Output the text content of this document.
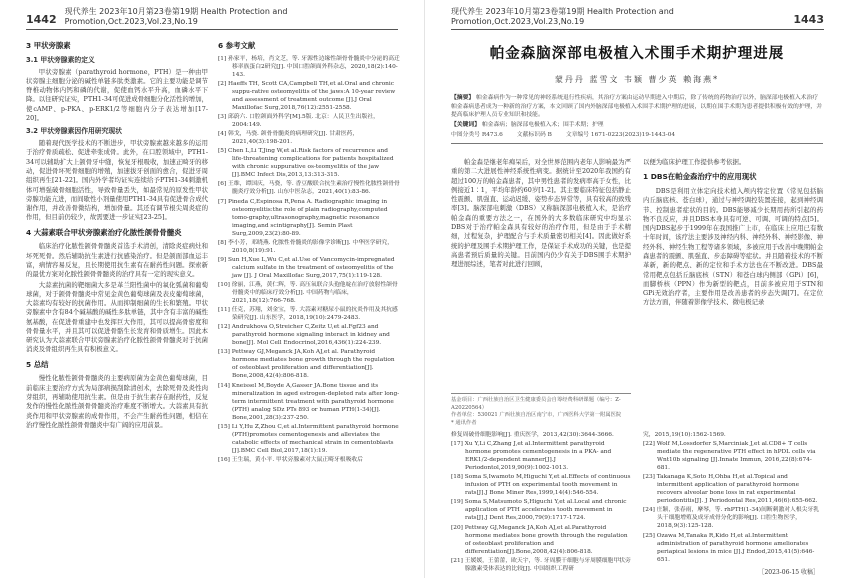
1442
现代养生 2023年10月第23卷第19期 Health Protection and Promotion,Oct.2023,Vol.23,No.19
3 甲状旁腺素
3.1 甲状旁腺素的定义

甲状旁腺素（parathyroid hormone，PTH）是一种由甲状旁腺主细胞分泌的碱性单链多肽类激素。它的主要功能是调节脊椎动物体内钙和磷的代谢，促使血钙水平升高，血磷水平下降。以往研究证实，PTH1-34可促进成骨细胞分化活性的增加，使cAMP、p-PKA、p-ERK1/2等细胞内分子表达增加[17-20]。

3.2 甲状旁腺素因作用研究现状

随着现代医学技术的不断进步，甲状旁腺素越来越多的运用于治疗骨质疏松、促进牵张成骨。此外，在口腔领域中，PTH1-34可以辅助扩大上颌骨牙中缝，恢复牙根吸收，加速正畸牙的移动，促进骨坏死骨细胞的增殖，加速拔牙创面的愈合，促进牙周组织再生[21-22]。国内外学者均证实连续给予PTH1-34刺激机体可增强破骨细胞活性，导致骨量丢失，如最常见的原发性甲状旁腺功能亢进，而间歇性小剂量使用PTH1-34具有促进骨合成代谢作用，并改善骨微结构，增加骨量。其还有调节根尖周炎症的作用，但目前仍较少，故需要进一步证实[23-25]。

4 大蒜素联合甲状旁腺素治疗化脓性颌骨骨髓炎

临床治疗化脓性颌骨骨髓炎首选手术清创，清除炎症病灶和坏死死骨。然后辅助抗生素进行抗感染治疗。但是颌面部血运丰富，病情容易反复，且长期使用抗生素有在耐药性问题。探索新的最优方案对化脓性颌骨骨髓炎的治疗具有一定的现实意义。

大蒜素抗菌的靶细菌大多是革兰阳性菌中的氧化弧菌和葡萄球菌，对于颌骨骨髓炎中常见金黄色葡萄球菌及表皮葡萄球菌，大蒜素均有较好的抗菌作用。从而抑制细菌的生长和繁殖。甲状旁腺素中含有84个碱基酸的碱性多肽单链，其中含有丰富的碱性氨基酸，在促进骨重建中也发挥巨大作用，其可以提高骨密度和骨骨量水平，并且其可以促进骨骼生长发育和骨质增生。因此本研究认为大蒜素联合甲状旁腺素治疗化脓性颌骨骨髓炎对于抗菌消炎及骨组织再生具有积极意义。

5 总结

慢性化脓性颌骨骨髓炎的主要病原菌为金黄色葡萄球菌，目前临床主要治疗方式为局部病损刮除清创术，去除死骨及炎性肉芽组织，再辅助使用抗生素。但是由于抗生素存在耐药性，反复发作的慢性化脓性颌骨骨髓炎治疗难度不断增大。大蒜素具有抗炎作用和甲状旁腺素的成骨作用，不会产生耐药性问题，相信在治疗慢性化脓性颌骨骨髓炎中有广阔的应用前景。

6 参考文献
[1] 孙家平，杨培，肖文芝，等. 牙源性边缘性颌骨骨髓炎中分泌的高迁移率族蛋白2研究[J]. 中国口腔颌面外科杂志，2020,18(2):140-143.
[2] Haeffs TH, Scott CA,Campbell TH,et al.Oral and chronic suppu-rative osteomyelitis of the jaws:A 10-year review and assessment of treatment outcome [J].J Oral Maxillofac Surg,2018,76(12):2551-2558.
[3] 邱蔚六. 口腔颌面外科学[M].5版. 北京：人民卫生出版社，2004:149.
[4] 韩戈，马骁. 颌骨骨髓炎的病理研究[J]. 甘肃医药，2021,40(3):198-201.
[5] Chen L,Li T,Jing W,et al.Risk factors of recurrence and life-threatening complications for patients hospitalized with chronic suppurative os-teomyelitis of the jaw [J].BMC Infect Dis,2013,13:313-315.
[6] 王维，谭国庆，马骁，等. 香豆酸联合抗生素治疗慢性化脓性颌骨骨髓炎疗效分析[J]. 山东中医杂志，2021,40(1):83-86.
[7] Pineda C,Espinosa R,Pena A. Radiographic imaging in osteomyelitis:the role of plain radiography,computed tomo-graphy,ultrasonography,magnetic resonance imaging,and scintigraphy[J]. Semin Plast Surg,2009,23(2):80-89.
[8] 李小芳，邓晓燕. 化脓性骨髓炎的影像学诊断[J]. 中华医学研究，2010,8(19):91.
[9] Sun H,Xue L,Wu C,et al.Use of Vancomycin-impregnated calcium sulfate in the treatment of osteomyelitis of the jaw [J]. J Oral Maxillofac Surg,2017,75(1):119-128.
[10] 徐丽，江燕，黄仁辉，等. 高压氧联合头孢他啶在治疗放射性颌骨骨髓炎中的临床疗效分析[J]. 中国药物与临床，2021,18(12):766-768.
[11] 任克，苏翔，刘金宝，等. 大蒜素对糖尿小鼠的抗炎作用及其抗感染研究[J]. 山东医学，2018,19(10):2479-2483.
[12] Andrukhova O,Streicher C,Zeitz U,et al.Fgf23 and parathyroid hormone signaling interact in kidney and bone[J]. Mol Cell Endocrinol,2016,436(1):224-239.
[13] Pettway GJ,Meganck JA,Koh AJ,et al. Parathyroid hormone mediates bone growth through the regulation of osteoblast proliferation and differentiation[J]. Bone,2008,42(4):806-818.
[14] Kneissel M,Boyde A,Gasser JA.Bone tissue and its mineralization in aged estrogen-depleted rats after long-term intermittent treatment with parathyroid hormone (PTH) analog SDz PTs 893 or human PTH(1-34)[J]. Bone,2001,28(3):237-250.
[15] Li Y,Hu Z,Zhou C,et al.Intermittent parathyroid hormone (PTH)promotes cementogenesis and alleviates the catabolic effects of mechanical strain in cementoblasts [J].BMC Cell Biol,2017,18(1):19.
[16] 王生瑞，黄小平. 甲状旁腺素对大鼠正畸牙根吸收后
现代养生 2023年10月第23卷第19期 Health Protection and Promotion,Oct.2023,Vol.23,No.19	1443
帕金森脑深部电极植入术围手术期护理进展
蒙丹丹 蓝雪文 韦颖 曹少英 赖海燕*
【摘要】 帕金森病作为一种常见的神经系统退行性疾病，其治疗方案由运动早期进入中期后，除了传统的药物治疗以外，脑深部电极植入术治疗帕金森病患者成为一种新的治疗方案，本文回顾了国内外脑深部电极植入术围手术期护理的进展，以期在围手术期为患者提供积极有效的护理，并提高临床护理人员专业知识和技能。
【关键词】 帕金森病；脑深部电极植入术；围手术期；护理
中图分类号 R473.6 文献标识码 B 文章编号 1671-0223(2023)19-1443-04

帕金森是继老年痴呆后，对全世界范围内老年人影响最为严重的第二大进展性神经系统性病变。据统计至2020年我国约有超过100万的帕金森患者，其中男性患者的发病率高于女性，比例接近1∶1，平均年龄约60岁[1-2]。其主要临床特征包括静止性震颤、肌强直、运动迟缓、姿势步态异常等，具有较高的致残率[3]。脑深部电刺激（DBS）又称脑深部电极植入术，是治疗帕金森的重要方法之一，在国外的大多数临床研究中均显示DBS对于治疗帕金森具有较好的治疗作用，但是由于手术精细，过程复杂，护理配合与手术质量密切相关[4]。因此做好系统的护理及围手术期护理工作，是保证手术成功的关键，也是提高患者预后质量的关键。目前国内仍少有关于DBS围手术期护理进展综述，笔者对此进行回顾，

基金项目：广西壮族自治区卫生健康委员会自筹经费科研课题（编号：Z-A20220564）
作者单位：530021 广西壮族自治区南宁市，广西医科大学第一附属医院
* 通讯作者

以便为临床护理工作提供参考依据。

1 DBS在帕金森治疗中的应用现状

DBS是利用立体定向技术植入颅内特定位置（常见包括脑内丘脑底核、苍白球），通过与神经调控装置连接，起到神经调节、控制患者症状的目的。DBS能够减少长期用药所引起的药物不良反应，并且DBS本身具有可逆、可调、可调的特点[5]。国内DBS起步于1999年在我国推广上市，在临床上应用已有数十年时间，该疗法主要涉及神经内科、神经外科、神经影像、神经外科、神经生物工程等诸多领域，多被应用于改善中晚期帕金森患者的震颤、肌强直、步态障碍等症状。并且随着技术的不断革新，新的靶点、新的定位和手术方法也在不断改进。DBS最常用靶点包括丘脑底核（STN）和苍白球内侧部（GPi）[6]，而脚桥核（PPN）作为新型的靶点，目前多被应用于STN和GPi无效治疗者，主要作用是改善患者的步态失调[7]。在定位方法方面，伴随着影像学技术、微电极记录

修复周破骨细胞影响[J]. 重庆医学，2013,42(30):3644-3666.
[17] Xu Y,Li C,Zhang J,et al.Intermittent parathyroid hormone promotes cementogenesis in a PKA- and ERK1/2-dependent manner[J].J Periodontol,2019,90(9):1002-1013.
[18] Soma S,Iwamoto M,Higuchi Y,et al.Effects of continuous infusion of PTH on experimental tooth movement in rats[J].J Bone Miner Res,1999,14(4):546-554.
[19] Soma S,Matsumoto S,Higuchi Y,et al.Local and chronic application of PTH accelerates tooth movement in rats[J].J Dent Res,2000,79(9):1717-1724.
[20] Pettway GJ,Meganck JA,Koh AJ,et al.Parathyroid hormone mediates bone growth through the regulation of osteoblast proliferation and differentiation[J].Bone,2008,42(4):806-818.
[21] 王媛媛，王蕾蕾，欧天宇，等. 牙周膜干细胞与牙周膜细胞甲状旁腺激素受体表达的比较[J]. 中国组织工程研
究，2015,19(10):1562-1569.
[22] Wolf M,Lossdorfer S,Marciniak J,et al.CD8+ T cells mediate the regenerative PTH effect in hPDL cells via Wnt10b signaling [J].Innate Immun, 2016,22(8):674-681.
[23] Takanaga K,Soto H,Ohba H,et al.Topical and intermittent application of parathyroid hormone recovers alveolar bone loss in rat experimental periodontitis[J]. J Periodontal Res,2011,46(6):655-662.
[24] 庄颖，张春雨，摩琴，等. rhPTH(1-34)间断刺激对人根尖牙乳头干细胞增殖及成牙成骨分化的影响[J]. 口腔生物医学，2018,9(3):125-128.
[25] Ozawa M,Tanaka R,Kido H,et al.Intermittent administration of parathyroid hormone ameliorates periapical lesions in mice [J].J Endod,2015,41(5):646-651.
［2023-06-15 收稿］
